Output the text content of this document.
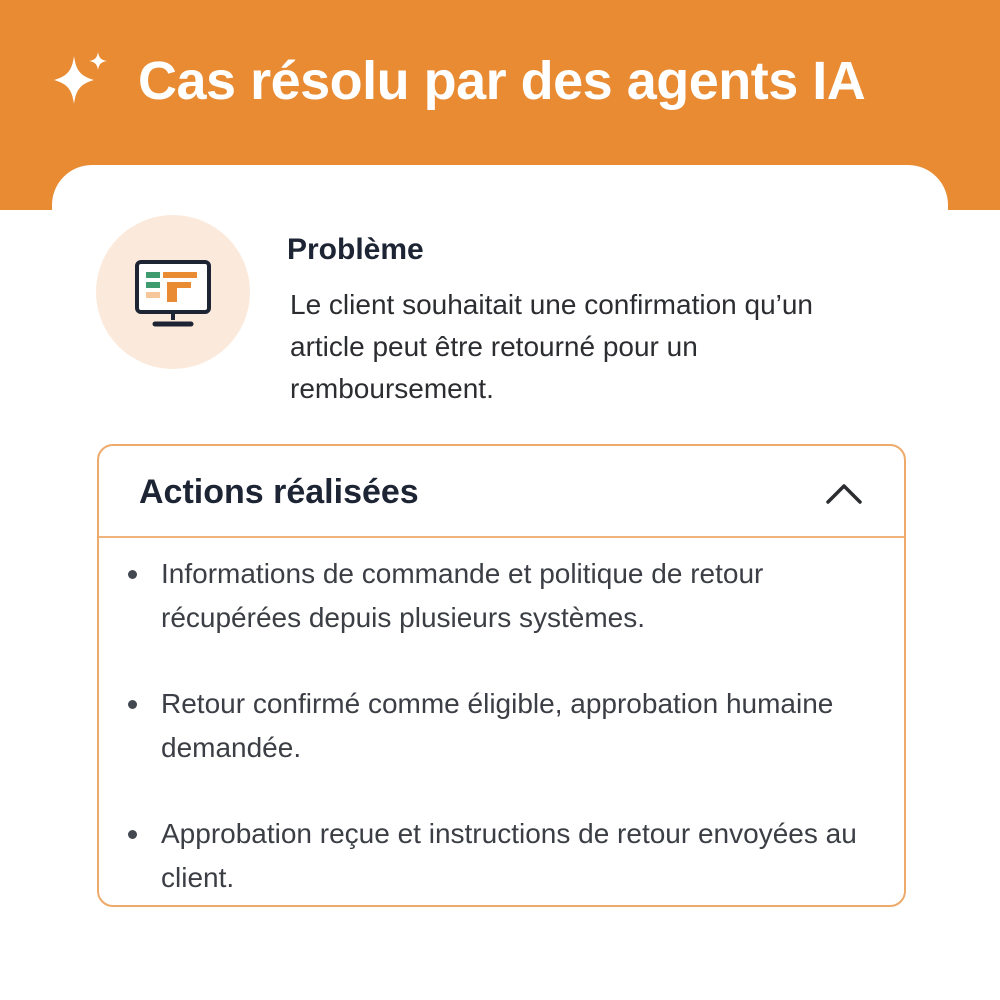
Cas résolu par des agents IA
Problème
Le client souhaitait une confirmation qu’un article peut être retourné pour un remboursement.
Actions réalisées
Informations de commande et politique de retour récupérées depuis plusieurs systèmes.
Retour confirmé comme éligible, approbation humaine demandée.
Approbation reçue et instructions de retour envoyées au client.
